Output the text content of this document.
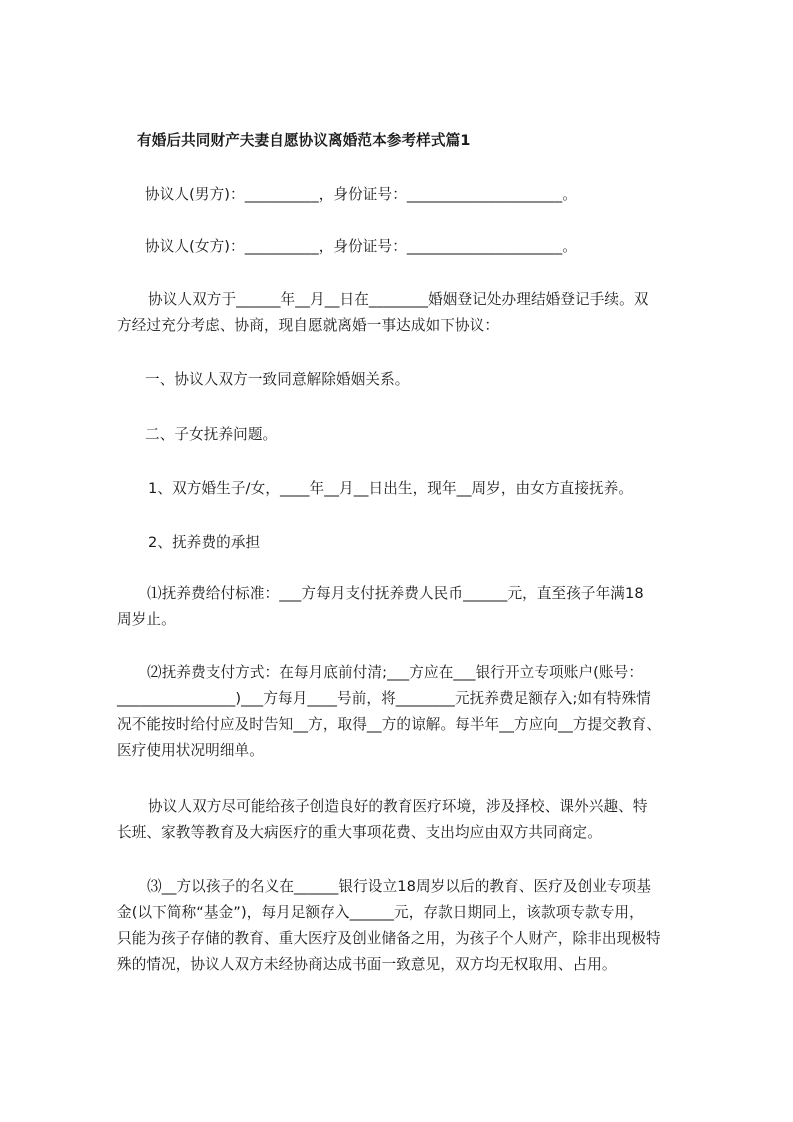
有婚后共同财产夫妻自愿协议离婚范本参考样式篇1
协议人(男方)：__________，身份证号：_____________________。
协议人(女方)：__________，身份证号：_____________________。
协议人双方于______年__月__日在________婚姻登记处办理结婚登记手续。双
方经过充分考虑、协商，现自愿就离婚一事达成如下协议：
一、协议人双方一致同意解除婚姻关系。
二、子女抚养问题。
1、双方婚生子/女，____年__月__日出生，现年__周岁，由女方直接抚养。
2、抚养费的承担
⑴抚养费给付标准：___方每月支付抚养费人民币______元，直至孩子年满18
周岁止。
⑵抚养费支付方式：在每月底前付清;___方应在___银行开立专项账户(账号：
________________)___方每月____号前，将________元抚养费足额存入;如有特殊情
况不能按时给付应及时告知__方，取得__方的谅解。每半年__方应向__方提交教育、
医疗使用状况明细单。
协议人双方尽可能给孩子创造良好的教育医疗环境，涉及择校、课外兴趣、特
长班、家教等教育及大病医疗的重大事项花费、支出均应由双方共同商定。
⑶__方以孩子的名义在______银行设立18周岁以后的教育、医疗及创业专项基
金(以下简称“基金”)，每月足额存入______元，存款日期同上，该款项专款专用，
只能为孩子存储的教育、重大医疗及创业储备之用，为孩子个人财产，除非出现极特
殊的情况，协议人双方未经协商达成书面一致意见，双方均无权取用、占用。
